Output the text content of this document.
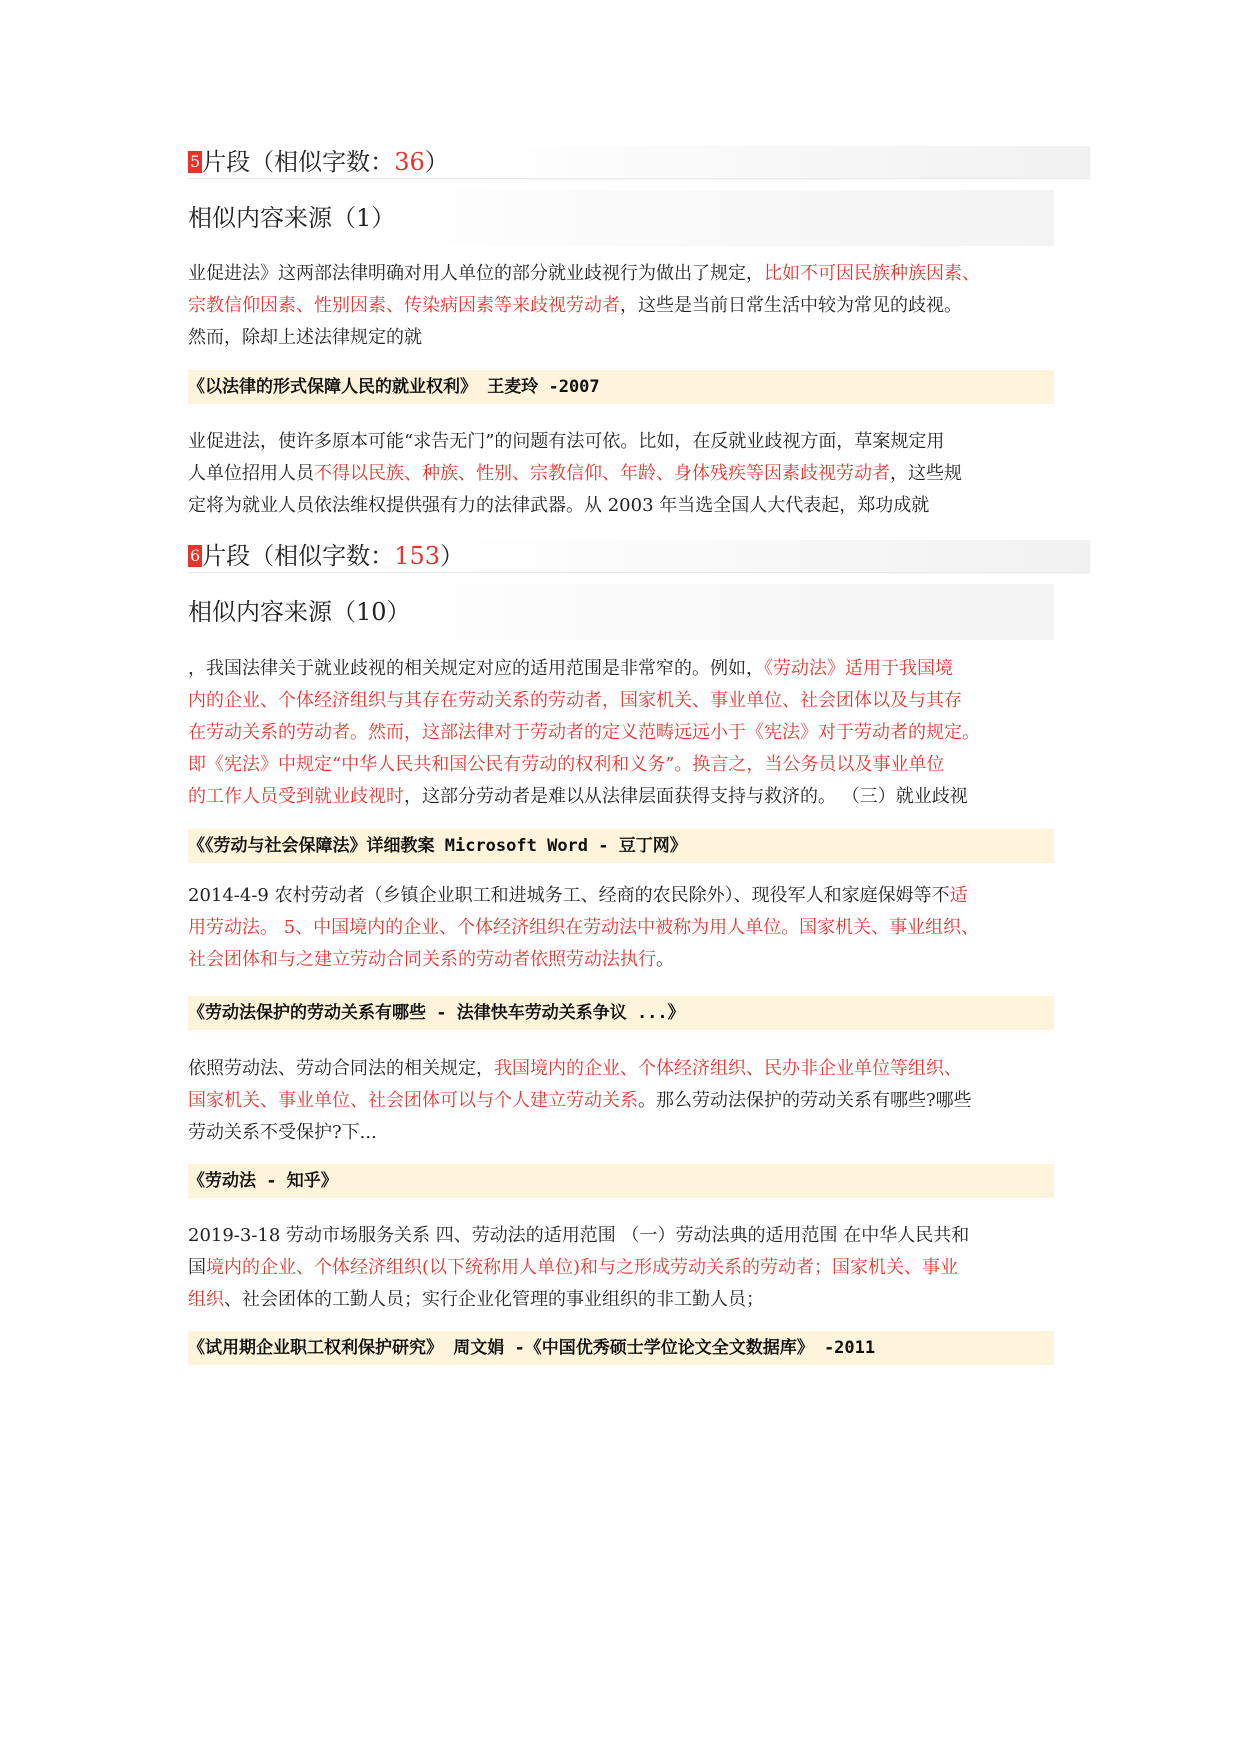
5片段（相似字数：36）
相似内容来源（1）
业促进法》这两部法律明确对用人单位的部分就业歧视行为做出了规定，比如不可因民族种族因素、
宗教信仰因素、性别因素、传染病因素等来歧视劳动者，这些是当前日常生活中较为常见的歧视。
然而，除却上述法律规定的就
《以法律的形式保障人民的就业权利》 王麦玲 -2007
业促进法，使许多原本可能“求告无门”的问题有法可依。比如，在反就业歧视方面，草案规定用
人单位招用人员不得以民族、种族、性别、宗教信仰、年龄、身体残疾等因素歧视劳动者，这些规
定将为就业人员依法维权提供强有力的法律武器。从 2003 年当选全国人大代表起，郑功成就
6片段（相似字数：153）
相似内容来源（10）
，我国法律关于就业歧视的相关规定对应的适用范围是非常窄的。例如，《劳动法》适用于我国境
内的企业、个体经济组织与其存在劳动关系的劳动者，国家机关、事业单位、社会团体以及与其存
在劳动关系的劳动者。然而，这部法律对于劳动者的定义范畴远远小于《宪法》对于劳动者的规定。
即《宪法》中规定“中华人民共和国公民有劳动的权利和义务”。换言之，当公务员以及事业单位
的工作人员受到就业歧视时，这部分劳动者是难以从法律层面获得支持与救济的。 （三）就业歧视
《《劳动与社会保障法》详细教案 Microsoft Word - 豆丁网》
2014-4-9 农村劳动者（乡镇企业职工和进城务工、经商的农民除外）、现役军人和家庭保姆等不适
用劳动法。 5、中国境内的企业、个体经济组织在劳动法中被称为用人单位。国家机关、事业组织、
社会团体和与之建立劳动合同关系的劳动者依照劳动法执行。
《劳动法保护的劳动关系有哪些 - 法律快车劳动关系争议 ...》
依照劳动法、劳动合同法的相关规定，我国境内的企业、个体经济组织、民办非企业单位等组织、
国家机关、事业单位、社会团体可以与个人建立劳动关系。那么劳动法保护的劳动关系有哪些?哪些
劳动关系不受保护?下...
《劳动法 - 知乎》
2019-3-18 劳动市场服务关系 四、劳动法的适用范围 （一）劳动法典的适用范围 在中华人民共和
国境内的企业、个体经济组织(以下统称用人单位)和与之形成劳动关系的劳动者；国家机关、事业
组织、社会团体的工勤人员；实行企业化管理的事业组织的非工勤人员；
《试用期企业职工权利保护研究》 周文娟 -《中国优秀硕士学位论文全文数据库》 -2011
